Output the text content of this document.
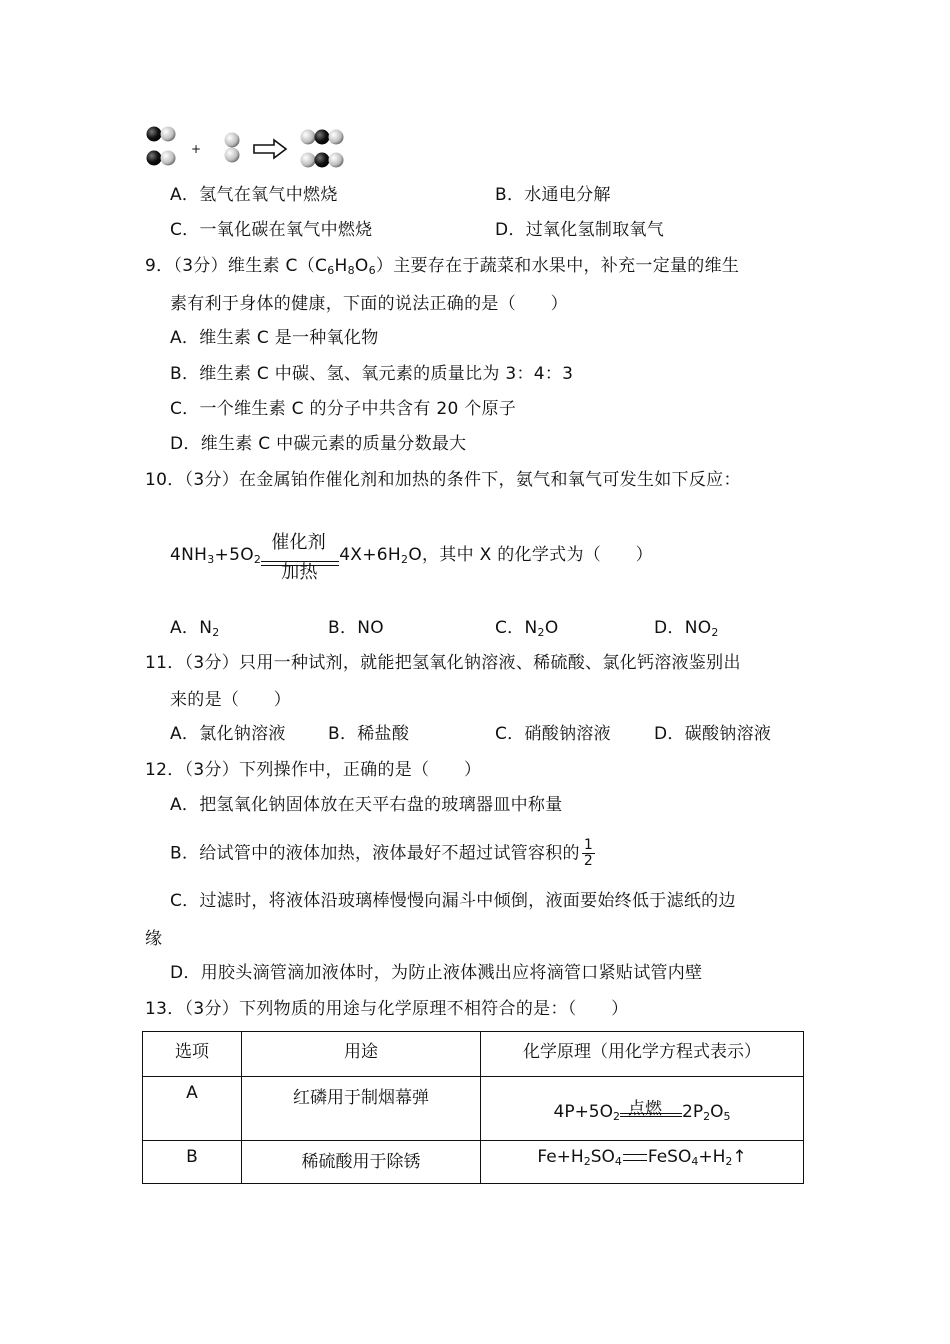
+
A．氢气在氧气中燃烧	B．水通电分解
C．一氧化碳在氧气中燃烧	D．过氧化氢制取氧气
9．（3分）维生素 $C(C_6H_8O_6)$主要存在于蔬菜和水果中，补充一定量的维生
素有利于身体的健康，下面的说法正确的是（　　）
A．维生素 C 是一种氧化物
B．维生素 C 中碳、氢、氧元素的质量比为 3：4：3
C．一个维生素 C 的分子中共含有 20 个原子
D．维生素 C 中碳元素的质量分数最大
10．（3分）在金属铂作催化剂和加热的条件下，氨气和氧气可发生如下反应：
$4NH_3+5O_2$
催化剂
加热
$4X+6H_2O$，其中 X 的化学式为（　　）
A．$N_2$	B．NO	C．$N_2O$	D．$NO_2$
11．（3分）只用一种试剂，就能把氢氧化钠溶液、稀硫酸、氯化钙溶液鉴别出
来的是（　　）
A．氯化钠溶液 B．稀盐酸	C．硝酸钠溶液	D．碳酸钠溶液
12．（3分）下列操作中，正确的是（　　）
A．把氢氧化钠固体放在天平右盘的玻璃器皿中称量
B．给试管中的液体加热，液体最好不超过试管容积的 $\frac{1}{2}$
C．过滤时，将液体沿玻璃棒慢慢向漏斗中倾倒，液面要始终低于滤纸的边
缘
D．用胶头滴管滴加液体时，为防止液体溅出应将滴管口紧贴试管内壁
13．（3分）下列物质的用途与化学原理不相符合的是：（　　）
选项	用途	化学原理（用化学方程式表示）

A	红磷用于制烟幕弹	$4P+5O_2$ 点燃 $2P_2O_5$

B	稀硫酸用于除锈	$Fe+H_2SO_4$ $FeSO_4+H_2↑$
